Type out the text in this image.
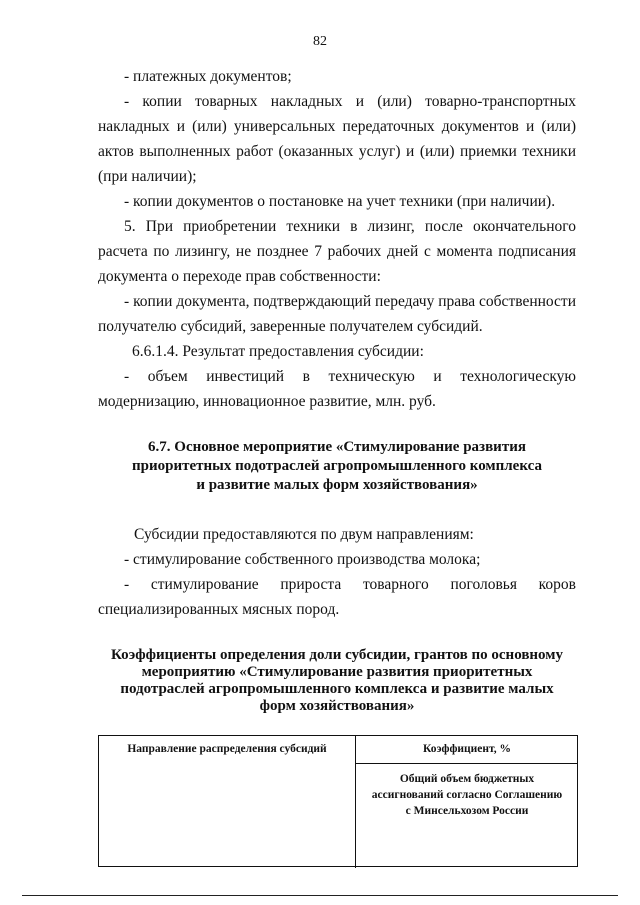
82

- платежных документов;

- копии товарных накладных и (или) товарно-транспортных накладных и (или) универсальных передаточных документов и (или) актов выполненных работ (оказанных услуг) и (или) приемки техники (при наличии);

- копии документов о постановке на учет техники (при наличии).

5. При приобретении техники в лизинг, после окончательного расчета по лизингу, не позднее 7 рабочих дней с момента подписания документа о переходе прав собственности:

- копии документа, подтверждающий передачу права собственности получателю субсидий, заверенные получателем субсидий.

6.6.1.4. Результат предоставления субсидии:

- объем инвестиций в техническую и технологическую модернизацию, инновационное развитие, млн. руб.

6.7. Основное мероприятие «Стимулирование развития
приоритетных подотраслей агропромышленного комплекса
и развитие малых форм хозяйствования»

Субсидии предоставляются по двум направлениям:

- стимулирование собственного производства молока;

- стимулирование прироста товарного поголовья коров специализированных мясных пород.

Коэффициенты определения доли субсидии, грантов по основному
мероприятию «Стимулирование развития приоритетных
подотраслей агропромышленного комплекса и развитие малых
форм хозяйствования»

Направление распределения субсидий	Коэффициент, %
Общий объем бюджетных ассигнований согласно Соглашению с Минсельхозом России
